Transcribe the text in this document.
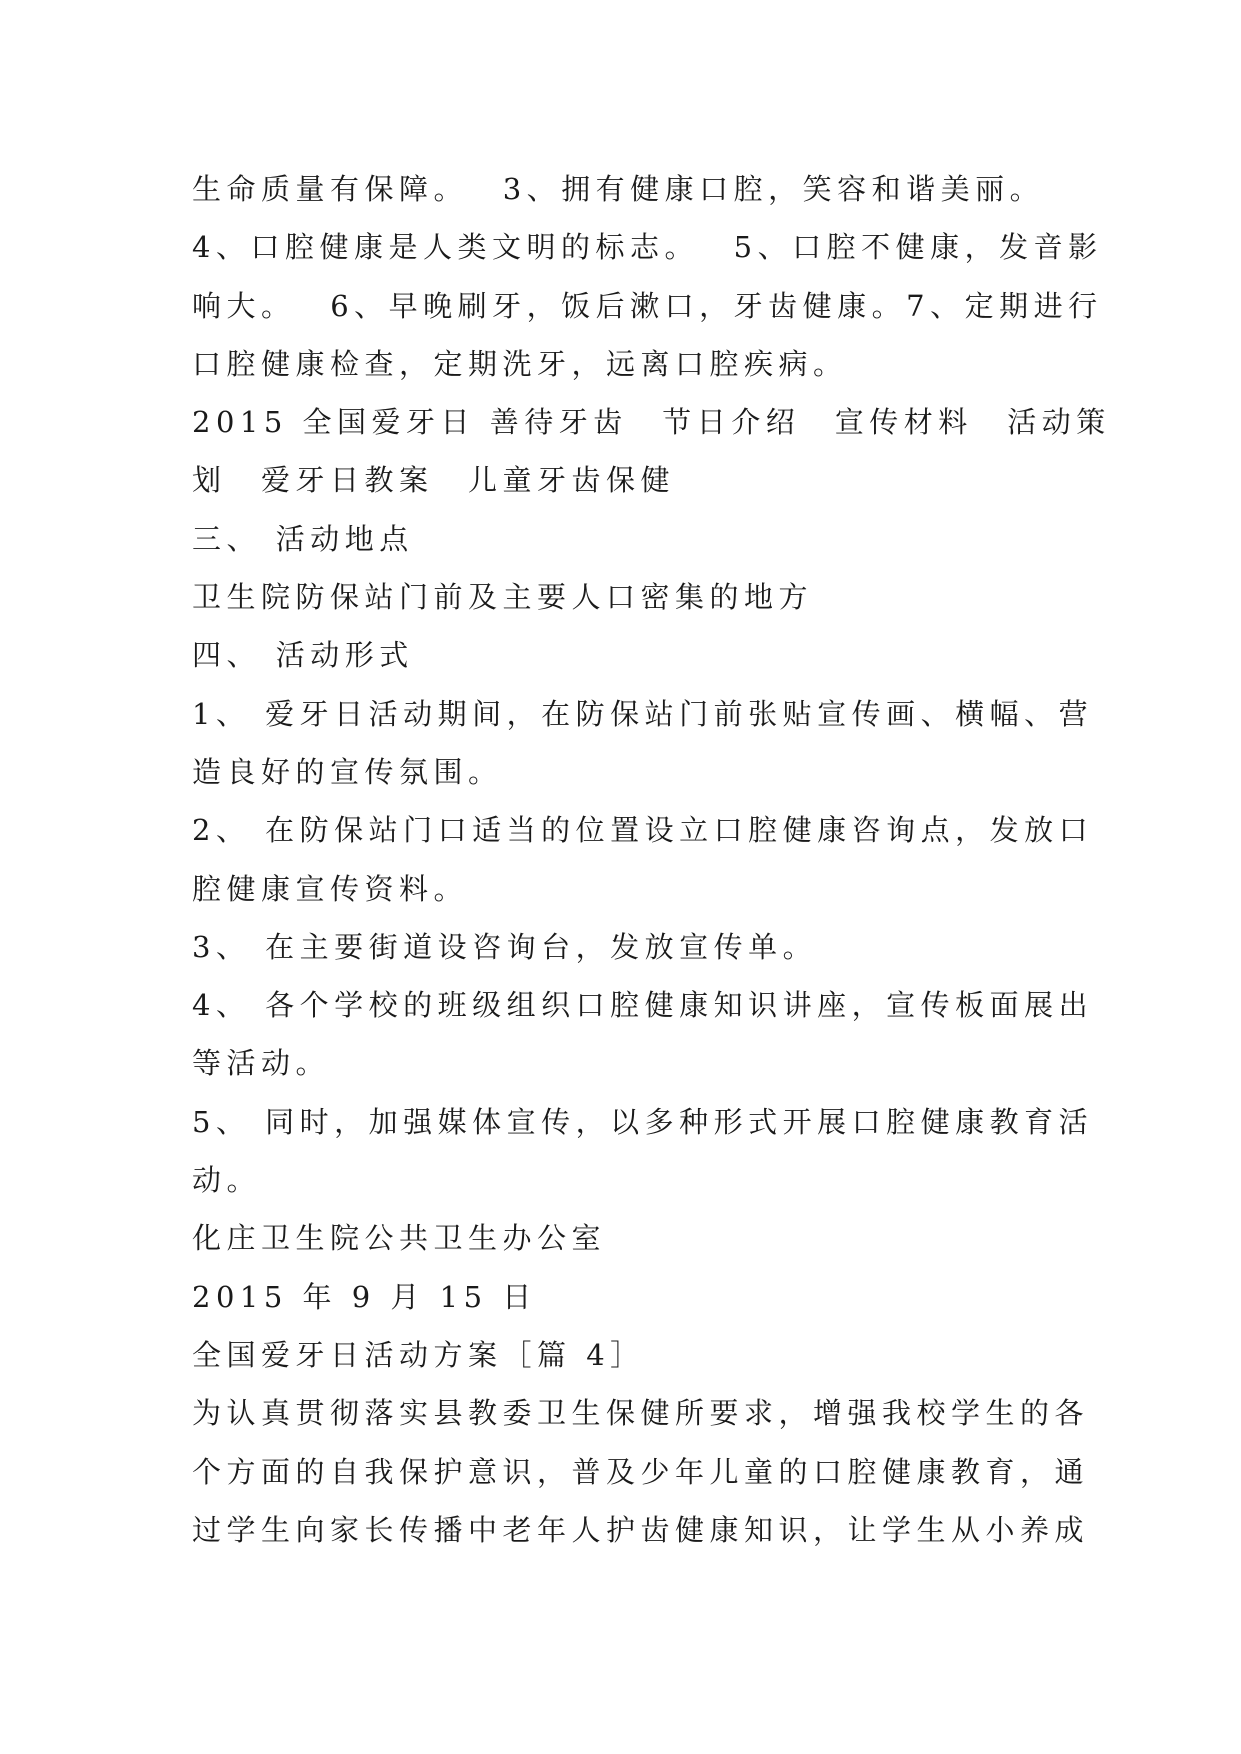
生命质量有保障。　 3、拥有健康口腔，笑容和谐美丽。
4、口腔健康是人类文明的标志。　 5、口腔不健康，发音影
响大。　 6、早晚刷牙，饭后漱口，牙齿健康。7、定期进行
口腔健康检查，定期洗牙，远离口腔疾病。
2015 全国爱牙日 善待牙齿　节日介绍　宣传材料　活动策
划　爱牙日教案　儿童牙齿保健
三、 活动地点
卫生院防保站门前及主要人口密集的地方
四、 活动形式
1、 爱牙日活动期间，在防保站门前张贴宣传画、横幅、营
造良好的宣传氛围。
2、 在防保站门口适当的位置设立口腔健康咨询点，发放口
腔健康宣传资料。
3、 在主要街道设咨询台，发放宣传单。
4、 各个学校的班级组织口腔健康知识讲座，宣传板面展出
等活动。
5、 同时，加强媒体宣传，以多种形式开展口腔健康教育活
动。
化庄卫生院公共卫生办公室
2015 年 9 月 15 日
全国爱牙日活动方案［篇 4］
为认真贯彻落实县教委卫生保健所要求，增强我校学生的各
个方面的自我保护意识，普及少年儿童的口腔健康教育，通
过学生向家长传播中老年人护齿健康知识，让学生从小养成
